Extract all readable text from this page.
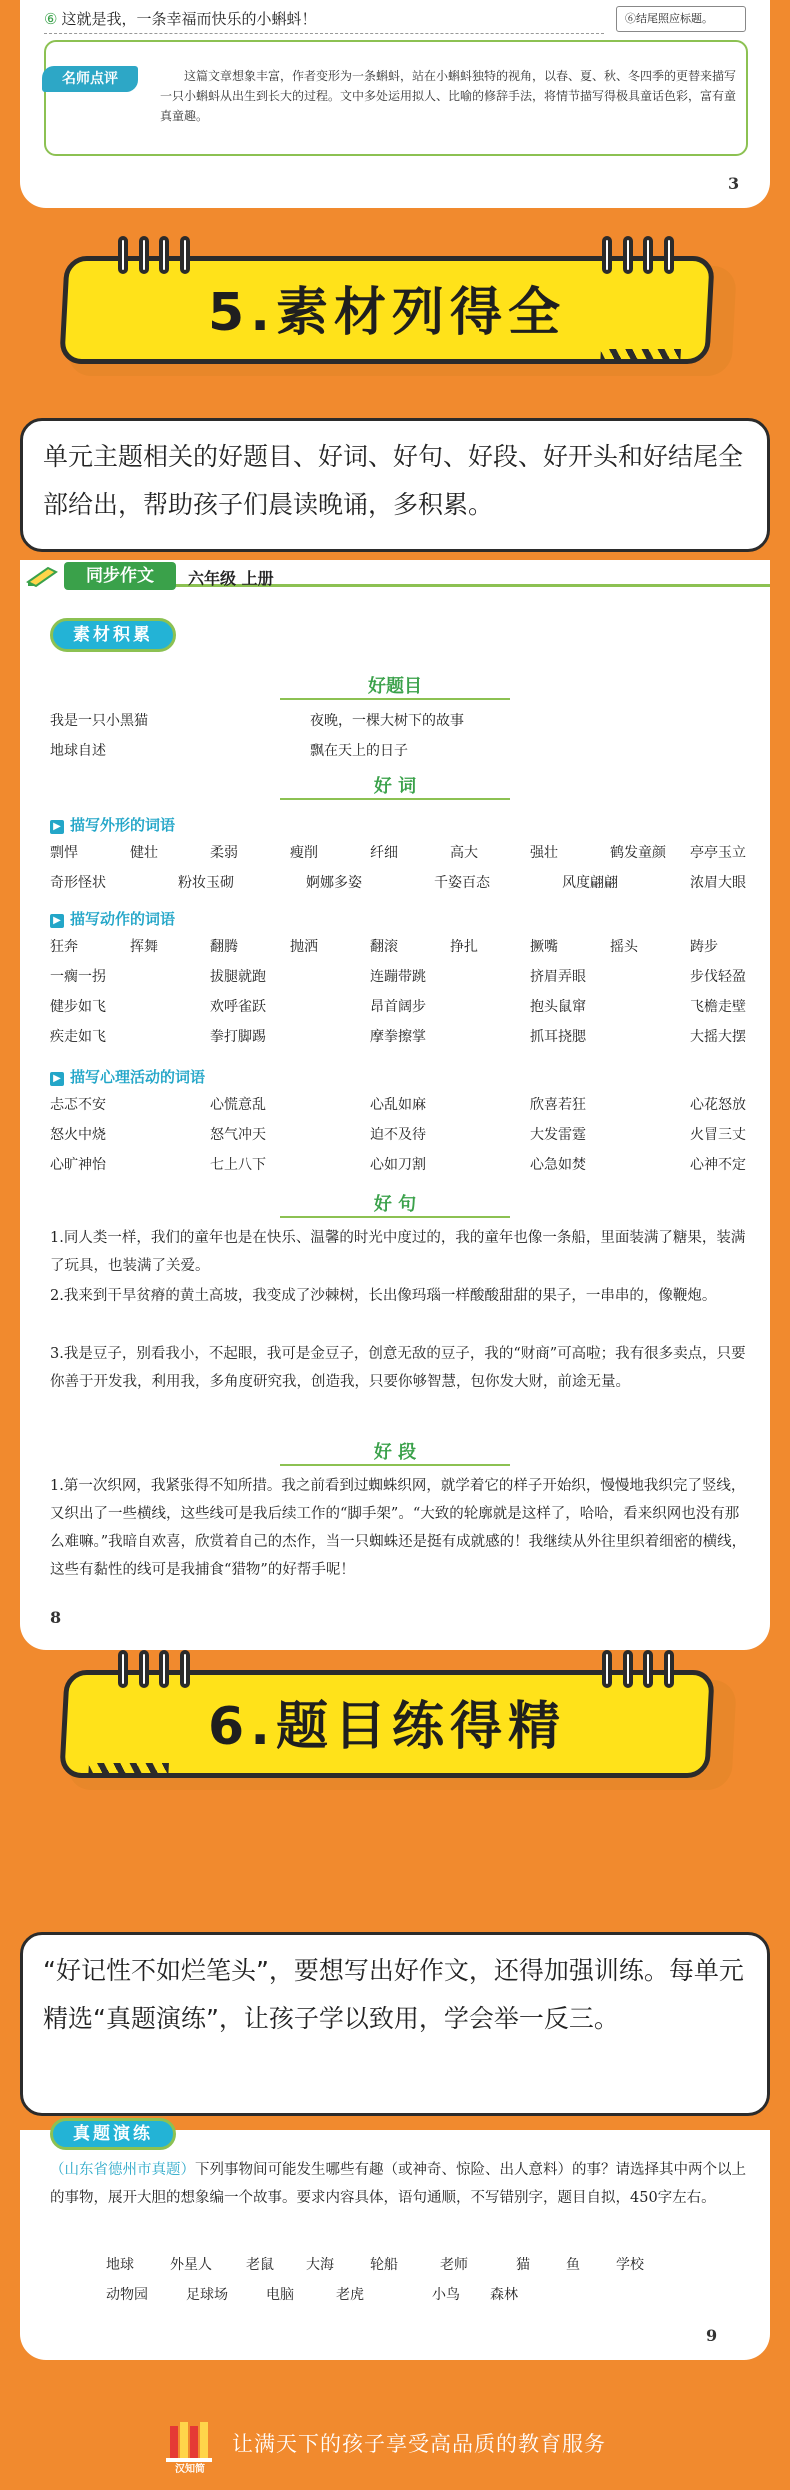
⑥ 这就是我，一条幸福而快乐的小蝌蚪！	⑥结尾照应标题。
名师点评	这篇文章想象丰富，作者变形为一条蝌蚪，站在小蝌蚪独特的视角，以春、夏、秋、冬四季的更替来描写一只小蝌蚪从出生到长大的过程。文中多处运用拟人、比喻的修辞手法，将情节描写得极具童话色彩，富有童真童趣。
3
5.素材列得全
单元主题相关的好题目、好词、好句、好段、好开头和好结尾全部给出，帮助孩子们晨读晚诵，多积累。
同步作文	六年级 上册
素材积累
好题目
我是一只小黑猫	夜晚，一棵大树下的故事
地球自述	飘在天上的日子
好 词
▶ 描写外形的词语
▶ 描写动作的词语
▶ 描写心理活动的词语
好 句
1.同人类一样，我们的童年也是在快乐、温馨的时光中度过的，我的童年也像一条船，里面装满了糖果，装满了玩具，也装满了关爱。
2.我来到干旱贫瘠的黄土高坡，我变成了沙棘树，长出像玛瑙一样酸酸甜甜的果子，一串串的，像鞭炮。
3.我是豆子，别看我小，不起眼，我可是金豆子，创意无敌的豆子，我的“财商”可高啦；我有很多卖点，只要你善于开发我，利用我，多角度研究我，创造我，只要你够智慧，包你发大财，前途无量。
好 段
1.第一次织网，我紧张得不知所措。我之前看到过蜘蛛织网，就学着它的样子开始织，慢慢地我织完了竖线，又织出了一些横线，这些线可是我后续工作的“脚手架”。“大致的轮廓就是这样了，哈哈，看来织网也没有那么难嘛。”我暗自欢喜，欣赏着自己的杰作，当一只蜘蛛还是挺有成就感的！我继续从外往里织着细密的横线，这些有黏性的线可是我捕食“猎物”的好帮手呢！
8
剽悍	健壮	柔弱	瘦削	纤细	高大	强壮	鹤发童颜 亭亭玉立
奇形怪状	粉妆玉砌	婀娜多姿	千姿百态	风度翩翩	浓眉大眼
狂奔	挥舞	翻腾	抛洒	翻滚	挣扎	撅嘴	摇头	踌步
一瘸一拐	拔腿就跑	连蹦带跳	挤眉弄眼	步伐轻盈
健步如飞	欢呼雀跃	昂首阔步	抱头鼠窜	飞檐走壁
疾走如飞	拳打脚踢	摩拳擦掌	抓耳挠腮	大摇大摆
忐忑不安	心慌意乱	心乱如麻	欣喜若狂	心花怒放
怒火中烧	怒气冲天	迫不及待	大发雷霆	火冒三丈
心旷神怡	七上八下	心如刀割	心急如焚	心神不定
6.题目练得精
“好记性不如烂笔头”，要想写出好作文，还得加强训练。每单元精选“真题演练”，让孩子学以致用，学会举一反三。
真题演练
（山东省德州市真题）下列事物间可能发生哪些有趣（或神奇、惊险、出人意料）的事？请选择其中两个以上的事物，展开大胆的想象编一个故事。要求内容具体，语句通顺，不写错别字，题目自拟，450字左右。
9
地球	外星人 老鼠 大海	轮船	老师	猫	鱼	学校
动物园	足球场	电脑	老虎	小鸟 森林
汉知简
让满天下的孩子享受高品质的教育服务
